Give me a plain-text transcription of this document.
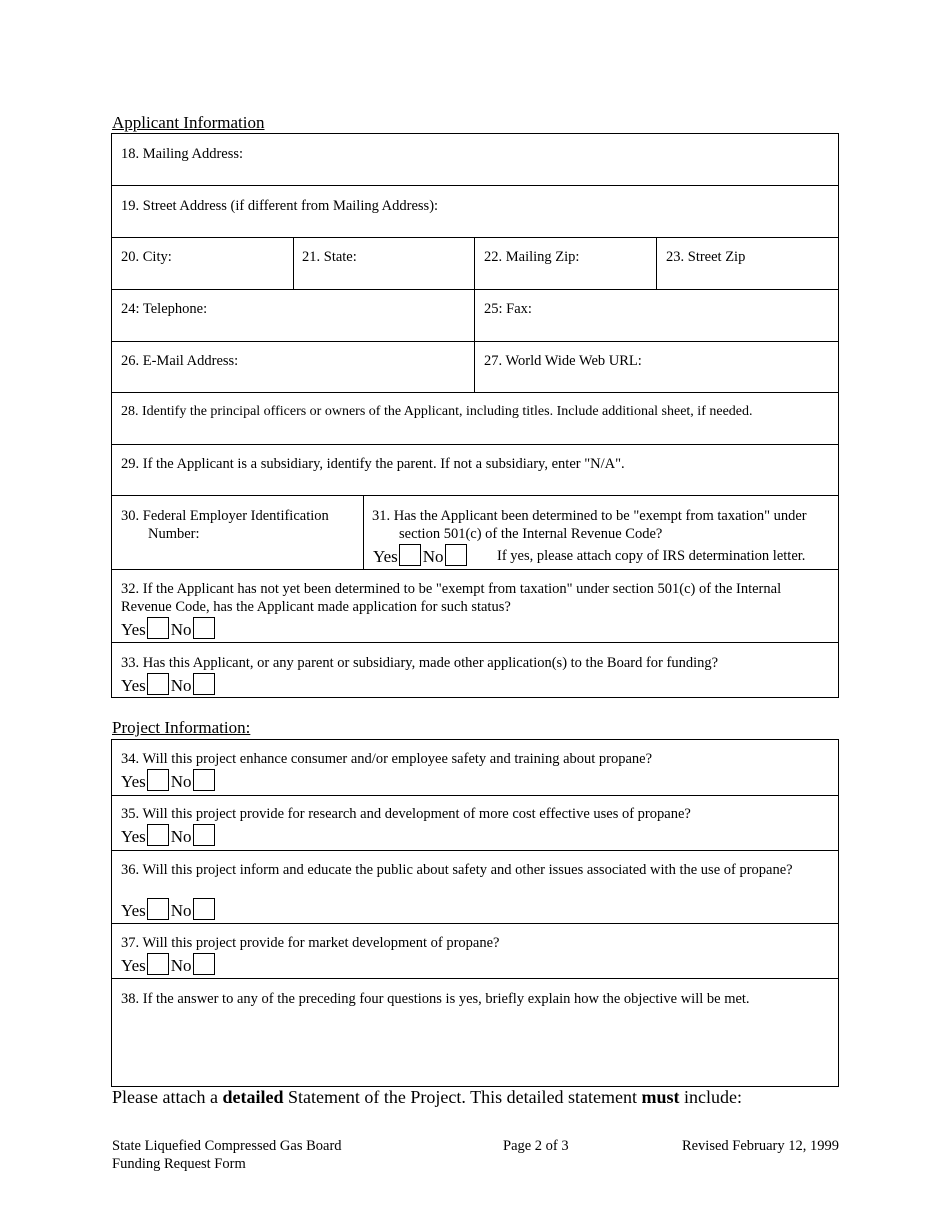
Applicant Information
18. Mailing Address:
19. Street Address (if different from Mailing Address):
20. City:	21. State:	22. Mailing Zip:	23. Street Zip
24: Telephone:	25: Fax:
26. E-Mail Address:	27. World Wide Web URL:
28. Identify the principal officers or owners of the Applicant, including titles. Include additional sheet, if needed.
29. If the Applicant is a subsidiary, identify the parent. If not a subsidiary, enter "N/A".
30. Federal Employer Identification Number:
31. Has the Applicant been determined to be "exempt from taxation" under section 501(c) of the Internal Revenue Code?
Yes No	If yes, please attach copy of IRS determination letter.
32. If the Applicant has not yet been determined to be "exempt from taxation" under section 501(c) of the Internal Revenue Code, has the Applicant made application for such status?
Yes No
33. Has this Applicant, or any parent or subsidiary, made other application(s) to the Board for funding?
Yes No
Project Information:
34. Will this project enhance consumer and/or employee safety and training about propane?
Yes No
35. Will this project provide for research and development of more cost effective uses of propane?
Yes No
36. Will this project inform and educate the public about safety and other issues associated with the use of propane?
Yes No
37. Will this project provide for market development of propane?
Yes No
38. If the answer to any of the preceding four questions is yes, briefly explain how the objective will be met.
Please attach a detailed Statement of the Project. This detailed statement must include:
State Liquefied Compressed Gas Board
Funding Request Form
Page 2 of 3	Revised February 12, 1999
